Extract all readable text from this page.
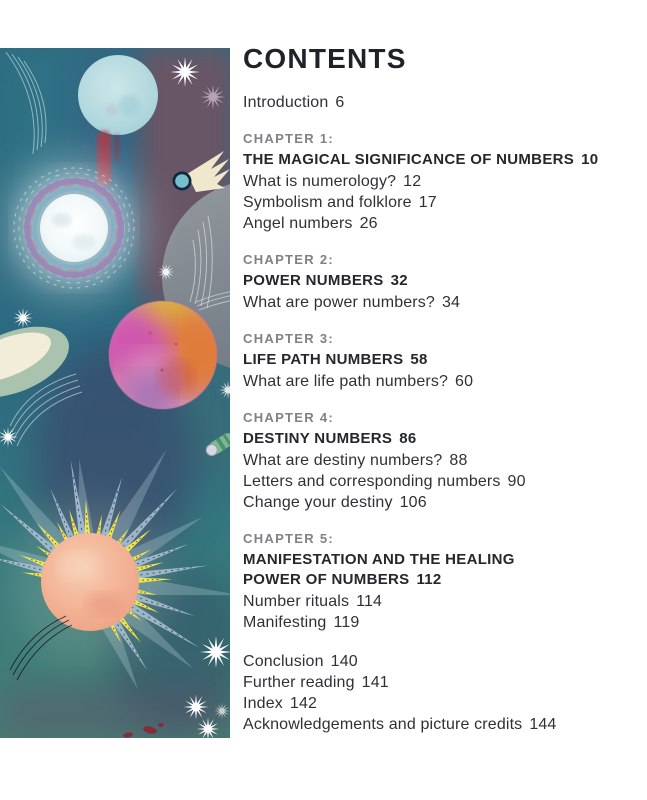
CONTENTS

Introduction 6

CHAPTER 1:

THE MAGICAL SIGNIFICANCE OF NUMBERS 10

What is numerology? 12

Symbolism and folklore 17

Angel numbers 26

CHAPTER 2:

POWER NUMBERS 32

What are power numbers? 34

CHAPTER 3:

LIFE PATH NUMBERS 58

What are life path numbers? 60

CHAPTER 4:

DESTINY NUMBERS 86

What are destiny numbers? 88

Letters and corresponding numbers 90

Change your destiny 106

CHAPTER 5:

MANIFESTATION AND THE HEALING POWER OF NUMBERS 112

Number rituals 114

Manifesting 119

Conclusion 140

Further reading 141

Index 142

Acknowledgements and picture credits 144
